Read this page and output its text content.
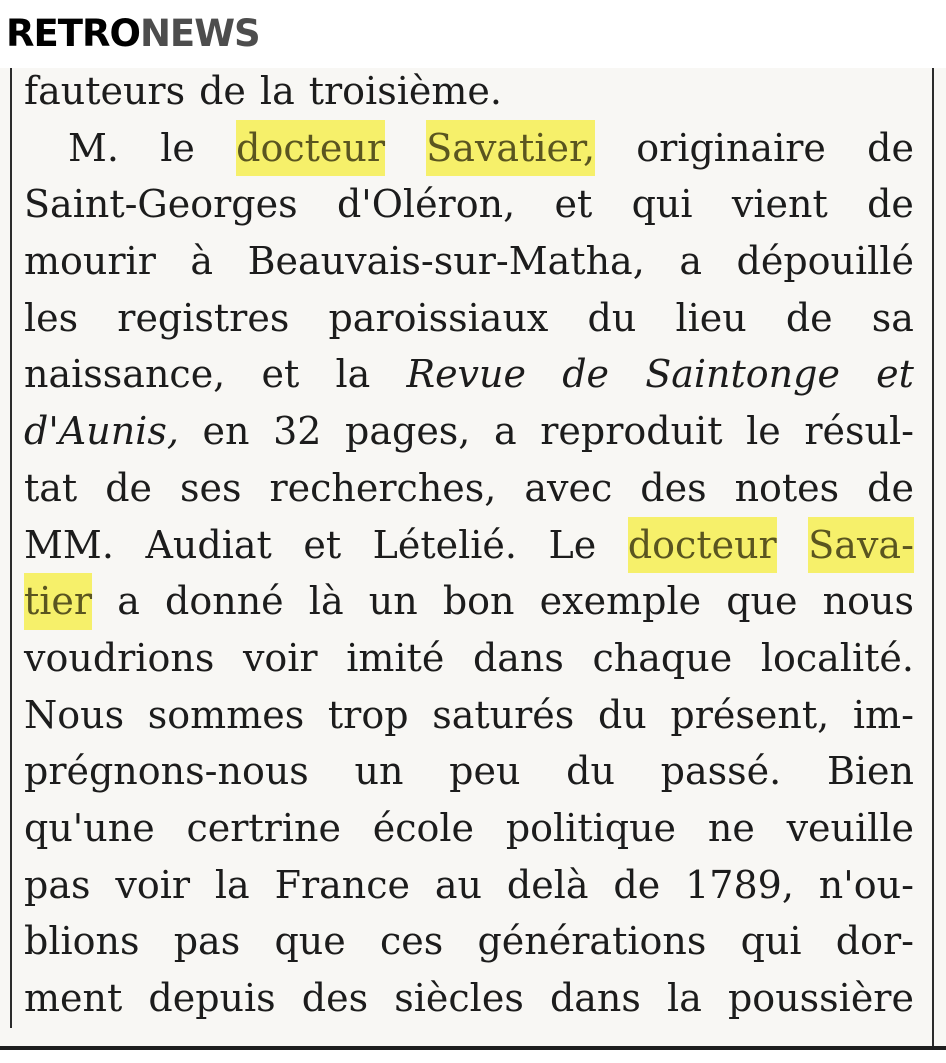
RETRONEWS
fauteurs de la troisième.
M. le docteur Savatier, originaire de
Saint-Georges d'Oléron, et qui vient de
mourir à Beauvais-sur-Matha, a dépouillé
les registres paroissiaux du lieu de sa
naissance, et la Revue de Saintonge et
d'Aunis, en 32 pages, a reproduit le résul-
tat de ses recherches, avec des notes de
MM. Audiat et Lételié. Le docteur Sava-
tier a donné là un bon exemple que nous
voudrions voir imité dans chaque localité.
Nous sommes trop saturés du présent, im-
prégnons-nous un peu du passé. Bien
qu'une certrine école politique ne veuille
pas voir la France au delà de 1789, n'ou-
blions pas que ces générations qui dor-
ment depuis des siècles dans la poussière
